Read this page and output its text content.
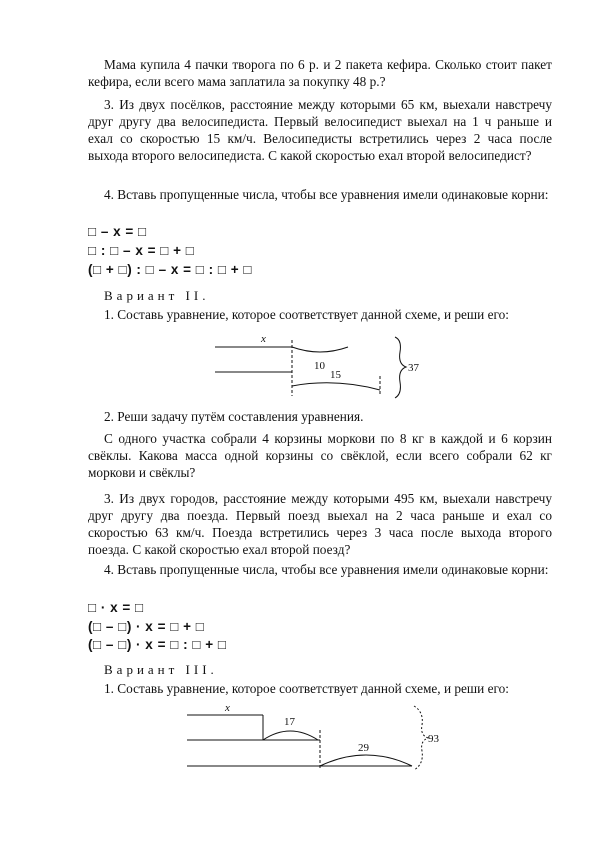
Мама купила 4 пачки творога по 6 р. и 2 пакета кефира. Сколько стоит пакет кефира, если всего мама заплатила за покупку 48 р.?

3. Из двух посёлков, расстояние между которыми 65 км, выехали навстречу друг другу два велосипедиста. Первый велосипедист выехал на 1 ч раньше и ехал со скоростью 15 км/ч. Велосипедисты встретились через 2 часа после выхода второго велосипедиста. С какой скоростью ехал второй велосипедист?

4. Вставь пропущенные числа, чтобы все уравнения имели одинаковые корни:

□ – x = □
□ : □ – x = □ + □
(□ + □) : □ – x = □ : □ + □
Вариант II.

1. Составь уравнение, которое соответствует данной схеме, и реши его:

x
10
15
37
x
17
29
93

2. Реши задачу путём составления уравнения.

С одного участка собрали 4 корзины моркови по 8 кг в каждой и 6 корзин свёклы. Какова масса одной корзины со свёклой, если всего собрали 62 кг моркови и свёклы?

3. Из двух городов, расстояние между которыми 495 км, выехали навстречу друг другу два поезда. Первый поезд выехал на 2 часа раньше и ехал со скоростью 63 км/ч. Поезда встретились через 3 часа после выхода второго поезда. С какой скоростью ехал второй поезд?

4. Вставь пропущенные числа, чтобы все уравнения имели одинаковые корни:

□ · x = □
(□ – □) · x = □ + □
(□ – □) · x = □ : □ + □
Вариант III.

1. Составь уравнение, которое соответствует данной схеме, и реши его:
